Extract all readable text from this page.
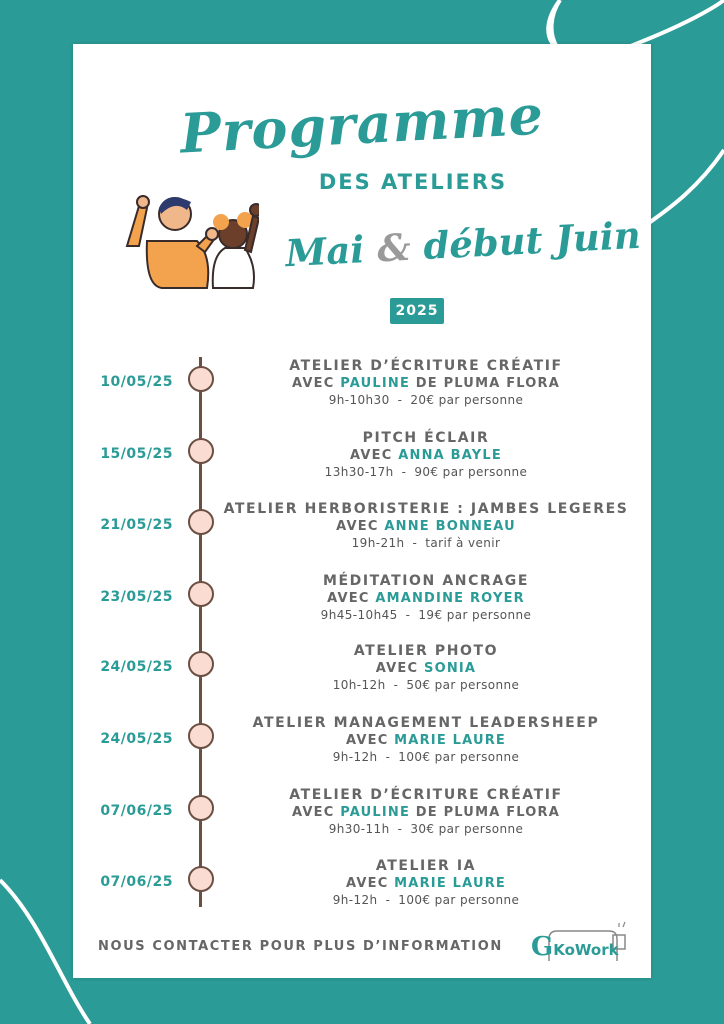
Programme
DES ATELIERS
Mai & début Juin
2025
10/05/25
ATELIER D’ÉCRITURE CRÉATIF
AVEC PAULINE DE PLUMA FLORA
9h-10h30 - 20€ par personne
15/05/25
PITCH ÉCLAIR
AVEC ANNA BAYLE
13h30-17h - 90€ par personne
21/05/25
ATELIER HERBORISTERIE : JAMBES LEGERES
AVEC ANNE BONNEAU
19h-21h - tarif à venir
23/05/25
MÉDITATION ANCRAGE
AVEC AMANDINE ROYER
9h45-10h45 - 19€ par personne
24/05/25
ATELIER PHOTO
AVEC SONIA
10h-12h - 50€ par personne
24/05/25
ATELIER MANAGEMENT LEADERSHEEP
AVEC MARIE LAURE
9h-12h - 100€ par personne
07/06/25
ATELIER D’ÉCRITURE CRÉATIF
AVEC PAULINE DE PLUMA FLORA
9h30-11h - 30€ par personne
07/06/25
ATELIER IA
AVEC MARIE LAURE
9h-12h - 100€ par personne
NOUS CONTACTER POUR PLUS D’INFORMATION GKoWork
